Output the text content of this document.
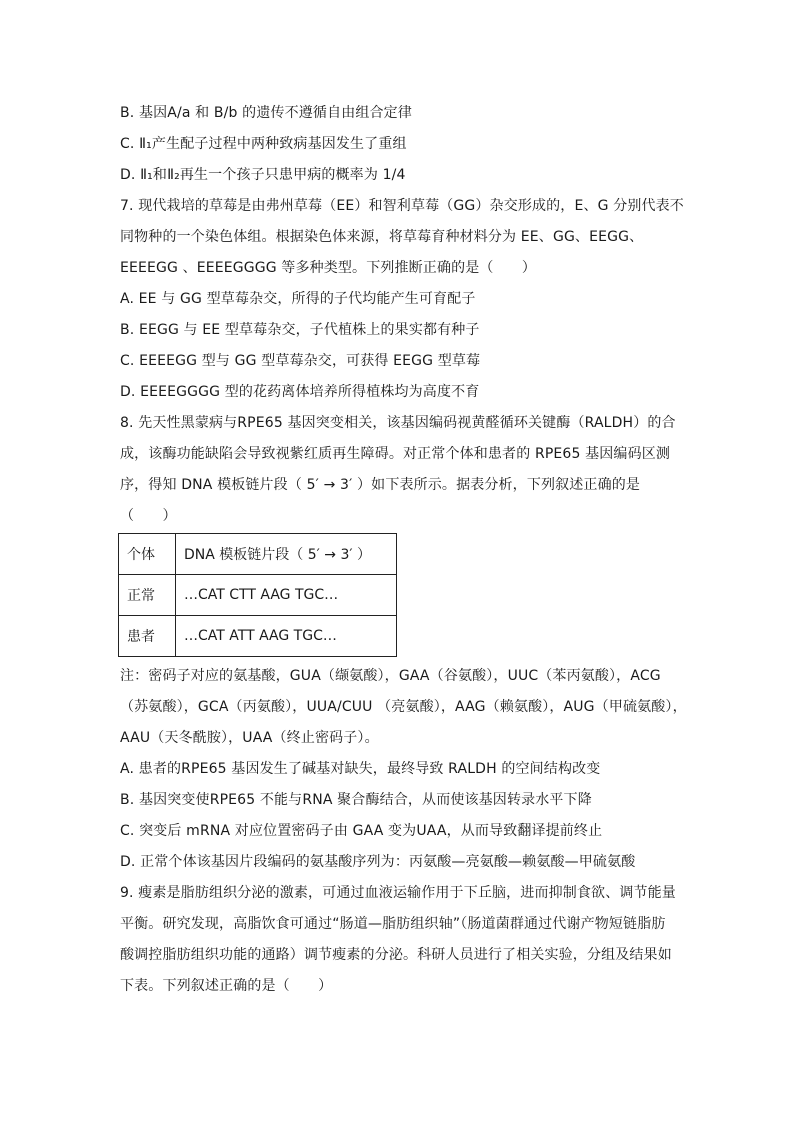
B. 基因A/a 和 B/b 的遗传不遵循自由组合定律
C. Ⅱ₁产生配子过程中两种致病基因发生了重组
D. Ⅱ₁和Ⅱ₂再生一个孩子只患甲病的概率为 1/4
7. 现代栽培的草莓是由弗州草莓（EE）和智利草莓（GG）杂交形成的，E、G 分别代表不
同物种的一个染色体组。根据染色体来源，将草莓育种材料分为 EE、GG、EEGG、
EEEEGG 、EEEEGGGG 等多种类型。下列推断正确的是（　　）
A. EE 与 GG 型草莓杂交，所得的子代均能产生可育配子
B. EEGG 与 EE 型草莓杂交，子代植株上的果实都有种子
C. EEEEGG 型与 GG 型草莓杂交，可获得 EEGG 型草莓
D. EEEEGGGG 型的花药离体培养所得植株均为高度不育
8. 先天性黑蒙病与RPE65 基因突变相关，该基因编码视黄醛循环关键酶（RALDH）的合
成，该酶功能缺陷会导致视紫红质再生障碍。对正常个体和患者的 RPE65 基因编码区测
序，得知 DNA 模板链片段（ 5′ → 3′ ）如下表所示。据表分析，下列叙述正确的是
（　　）
个体	DNA 模板链片段（ 5′ → 3′ ）
正常	…CAT CTT AAG TGC…
患者	…CAT ATT AAG TGC…
注：密码子对应的氨基酸，GUA（缬氨酸），GAA（谷氨酸），UUC（苯丙氨酸），ACG
（苏氨酸），GCA（丙氨酸），UUA/CUU （亮氨酸），AAG（赖氨酸），AUG（甲硫氨酸），
AAU（天冬酰胺），UAA（终止密码子）。
A. 患者的RPE65 基因发生了碱基对缺失，最终导致 RALDH 的空间结构改变
B. 基因突变使RPE65 不能与RNA 聚合酶结合，从而使该基因转录水平下降
C. 突变后 mRNA 对应位置密码子由 GAA 变为UAA，从而导致翻译提前终止
D. 正常个体该基因片段编码的氨基酸序列为：丙氨酸—亮氨酸—赖氨酸—甲硫氨酸
9. 瘦素是脂肪组织分泌的激素，可通过血液运输作用于下丘脑，进而抑制食欲、调节能量
平衡。研究发现，高脂饮食可通过“肠道—脂肪组织轴”（肠道菌群通过代谢产物短链脂肪
酸调控脂肪组织功能的通路）调节瘦素的分泌。科研人员进行了相关实验，分组及结果如
下表。下列叙述正确的是（　　）
